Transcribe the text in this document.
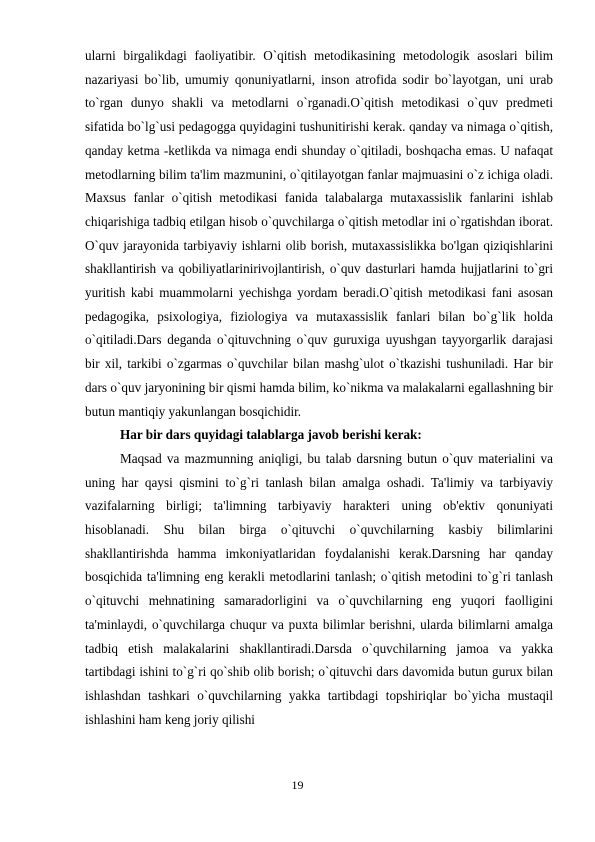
ularni birgalikdagi faoliyatibir. O`qitish metodikasining metodologik asoslari bilim nazariyasi bo`lib, umumiy qonuniyatlarni, inson atrofida sodir bo`layotgan, uni urab to`rgan dunyo shakli va metodlarni o`rganadi.O`qitish metodikasi o`quv predmeti sifatida bo`lg`usi pedagogga quyidagini tushunitirishi kerak. qanday va nimaga o`qitish, qanday ketma -ketlikda va nimaga endi shunday o`qitiladi, boshqacha emas. U nafaqat metodlarning bilim ta'lim mazmunini, o`qitilayotgan fanlar majmuasini o`z ichiga oladi. Maxsus fanlar o`qitish metodikasi fanida talabalarga mutaxassislik fanlarini ishlab chiqarishiga tadbiq etilgan hisob o`quvchilarga o`qitish metodlar ini o`rgatishdan iborat. O`quv jarayonida tarbiyaviy ishlarni olib borish, mutaxassislikka bo'lgan qiziqishlarini shakllantirish va qobiliyatlarinirivojlantirish, o`quv dasturlari hamda hujjatlarini to`gri yuritish kabi muammolarni yechishga yordam beradi.O`qitish metodikasi fani asosan pedagogika, psixologiya, fiziologiya va mutaxassislik fanlari bilan bo`g`lik holda o`qitiladi.Dars deganda o`qituvchning o`quv guruxiga uyushgan tayyorgarlik darajasi bir xil, tarkibi o`zgarmas o`quvchilar bilan mashg`ulot o`tkazishi tushuniladi. Har bir dars o`quv jaryonining bir qismi hamda bilim, ko`nikma va malakalarni egallashning bir butun mantiqiy yakunlangan bosqichidir.

Har bir dars quyidagi talablarga javob berishi kerak:

Maqsad va mazmunning aniqligi, bu talab darsning butun o`quv materialini va uning har qaysi qismini to`g`ri tanlash bilan amalga oshadi. Ta'limiy va tarbiyaviy vazifalarning birligi; ta'limning tarbiyaviy harakteri uning ob'ektiv qonuniyati hisoblanadi. Shu bilan birga o`qituvchi o`quvchilarning kasbiy bilimlarini shakllantirishda hamma imkoniyatlaridan foydalanishi kerak.Darsning har qanday bosqichida ta'limning eng kerakli metodlarini tanlash; o`qitish metodini to`g`ri tanlash o`qituvchi mehnatining samaradorligini va o`quvchilarning eng yuqori faolligini ta'minlaydi, o`quvchilarga chuqur va puxta bilimlar berishni, ularda bilimlarni amalga tadbiq etish malakalarini shakllantiradi.Darsda o`quvchilarning jamoa va yakka tartibdagi ishini to`g`ri qo`shib olib borish; o`qituvchi dars davomida butun gurux bilan ishlashdan tashkari o`quvchilarning yakka tartibdagi topshiriqlar bo`yicha mustaqil ishlashini ham keng joriy qilishi

19
